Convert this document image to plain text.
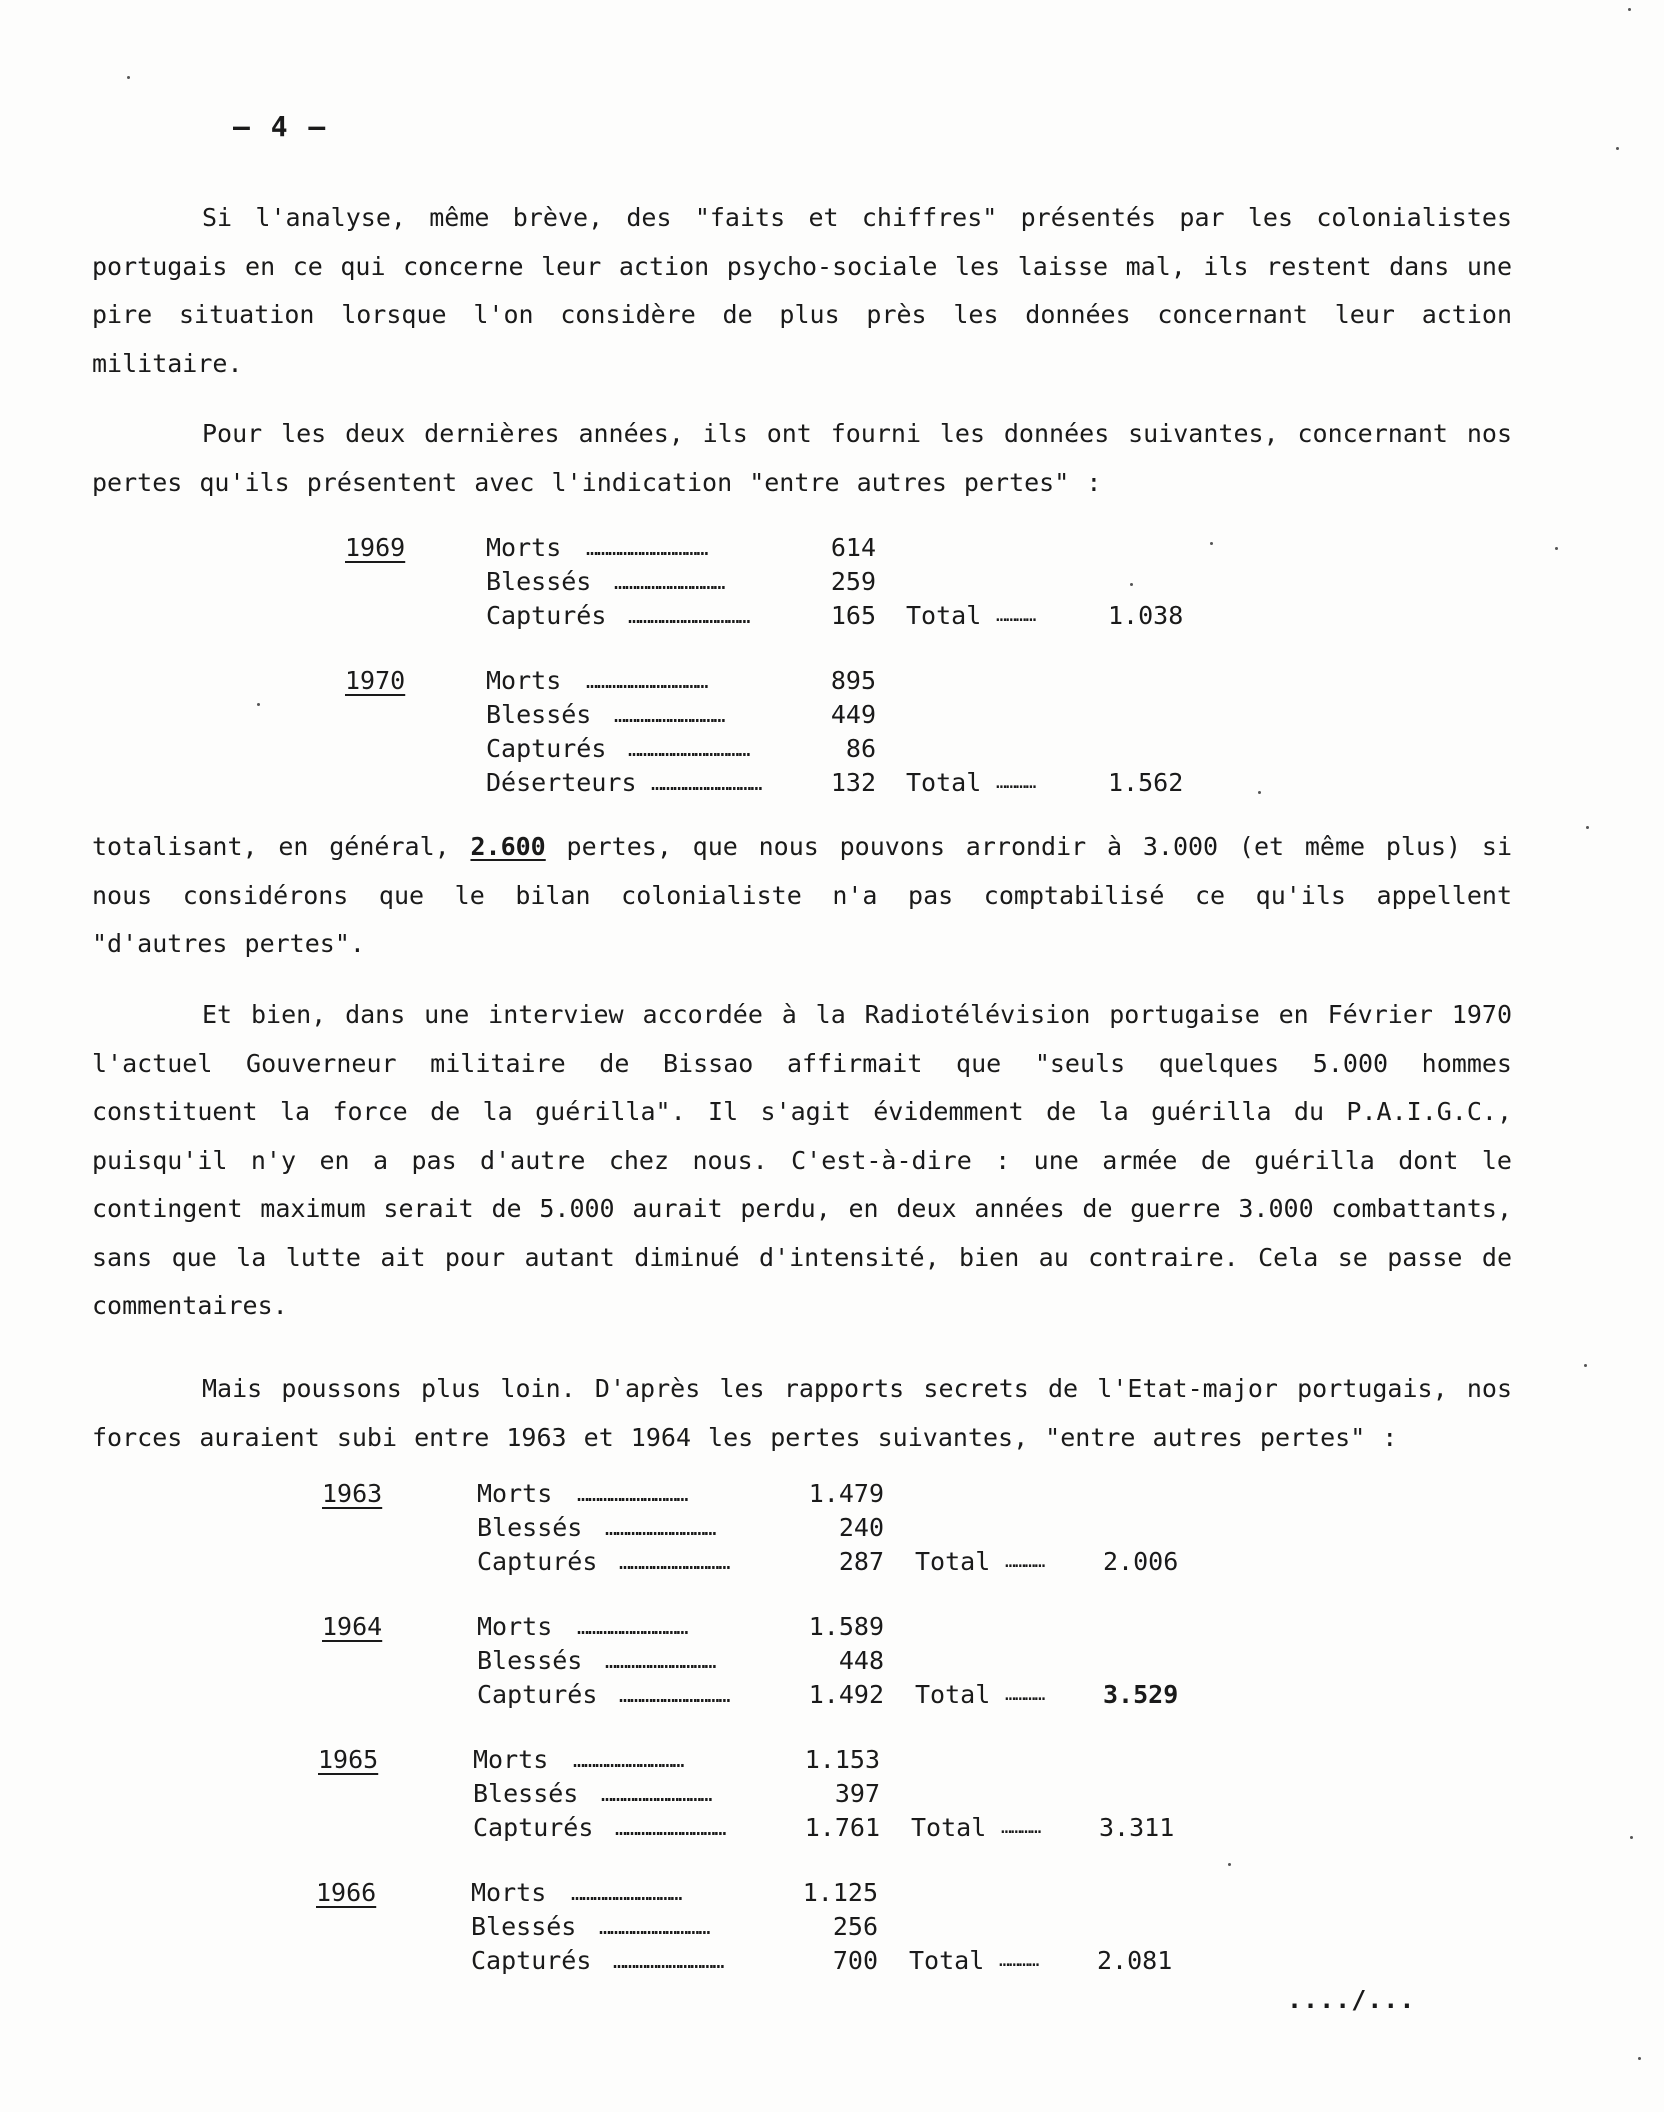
– 4 –

Si l'analyse, même brève, des "faits et chiffres" présentés par les colonialistes portugais en ce qui concerne leur action psycho-sociale les laisse mal, ils restent dans une pire situation lorsque l'on considère de plus près les données concernant leur action militaire.

Pour les deux dernières années, ils ont fourni les données suivantes, concernant nos pertes qu'ils présentent avec l'indication "entre autres pertes" :

1969	Morts ……………………………	614
Blessés …………………………	259
Capturés ……………………………	165 Total …………	1.038
1970	Morts ……………………………	895
Blessés …………………………	449
Capturés ……………………………	86
Déserteurs …………………………	132 Total …………	1.562

totalisant, en général, 2.600 pertes, que nous pouvons arrondir à 3.000 (et même plus) si nous considérons que le bilan colonialiste n'a pas comptabilisé ce qu'ils appellent "d'autres pertes".

Et bien, dans une interview accordée à la Radiotélévision portugaise en Février 1970 l'actuel Gouverneur militaire de Bissao affirmait que "seuls quelques 5.000 hommes constituent la force de la guérilla". Il s'agit évidemment de la guérilla du P.A.I.G.C., puisqu'il n'y en a pas d'autre chez nous. C'est-à-dire : une armée de guérilla dont le contingent maximum serait de 5.000 aurait perdu, en deux années de guerre 3.000 combattants, sans que la lutte ait pour autant diminué d'intensité, bien au contraire. Cela se passe de commentaires.

Mais poussons plus loin. D'après les rapports secrets de l'Etat-major portugais, nos forces auraient subi entre 1963 et 1964 les pertes suivantes, "entre autres pertes" :

1963	Morts …………………………	1.479
Blessés …………………………	240
Capturés …………………………	287 Total ………… 2.006
1964	Morts …………………………	1.589
Blessés …………………………	448
Capturés …………………………	1.492 Total ………… 3.529
1965	Morts …………………………	1.153
Blessés …………………………	397
Capturés …………………………	1.761 Total ………… 3.311
1966	Morts …………………………	1.125
Blessés …………………………	256
Capturés …………………………	700 Total ………… 2.081
..../...
